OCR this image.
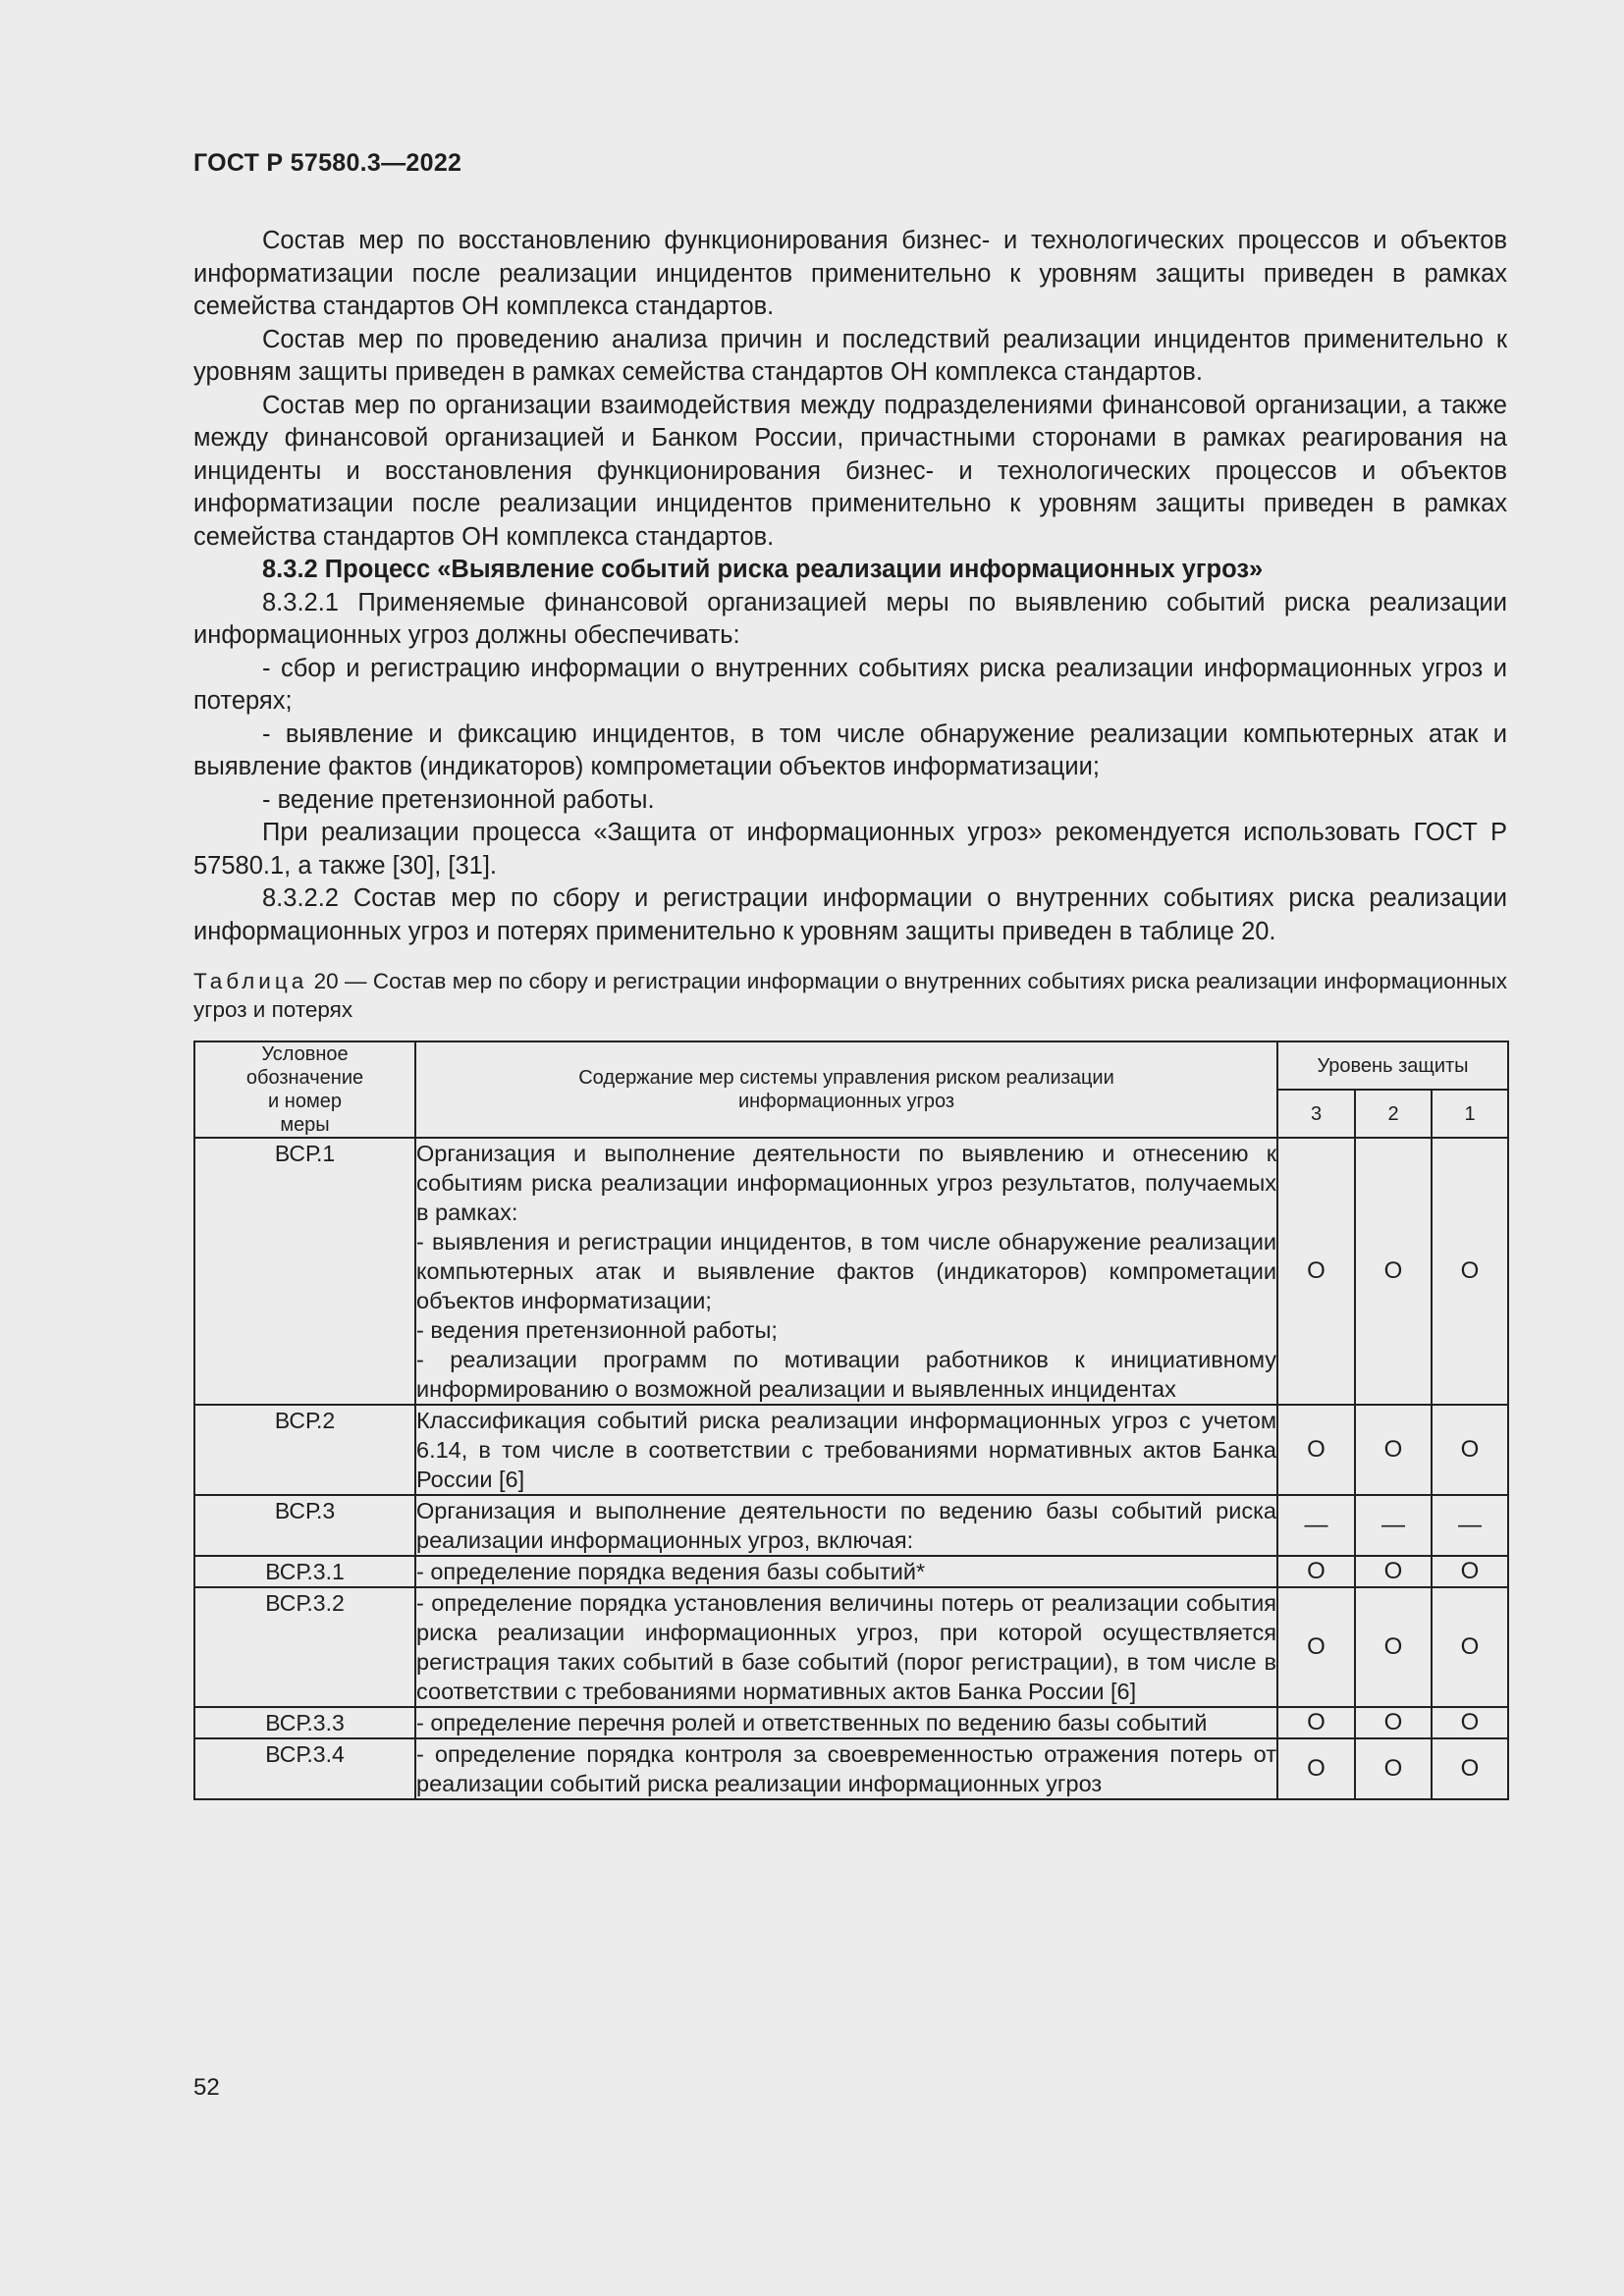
ГОСТ Р 57580.3—2022

Состав мер по восстановлению функционирования бизнес- и технологических процессов и объектов информатизации после реализации инцидентов применительно к уровням защиты приведен в рамках семейства стандартов ОН комплекса стандартов.

Состав мер по проведению анализа причин и последствий реализации инцидентов применительно к уровням защиты приведен в рамках семейства стандартов ОН комплекса стандартов.

Состав мер по организации взаимодействия между подразделениями финансовой организации, а также между финансовой организацией и Банком России, причастными сторонами в рамках реагирования на инциденты и восстановления функционирования бизнес- и технологических процессов и объектов информатизации после реализации инцидентов применительно к уровням защиты приведен в рамках семейства стандартов ОН комплекса стандартов.

8.3.2 Процесс «Выявление событий риска реализации информационных угроз»

8.3.2.1 Применяемые финансовой организацией меры по выявлению событий риска реализации информационных угроз должны обеспечивать:

- сбор и регистрацию информации о внутренних событиях риска реализации информационных угроз и потерях;

- выявление и фиксацию инцидентов, в том числе обнаружение реализации компьютерных атак и выявление фактов (индикаторов) компрометации объектов информатизации;

- ведение претензионной работы.

При реализации процесса «Защита от информационных угроз» рекомендуется использовать ГОСТ Р 57580.1, а также [30], [31].

8.3.2.2 Состав мер по сбору и регистрации информации о внутренних событиях риска реализации информационных угроз и потерях применительно к уровням защиты приведен в таблице 20.

Таблица 20 — Состав мер по сбору и регистрации информации о внутренних событиях риска реализации информационных угроз и потерях
Условное обозначение и номер меры	Содержание мер системы управления риском реализации информационных угроз	Уровень защиты		
		3	2	1
ВСР.1	Организация и выполнение деятельности по выявлению и отнесению к событиям риска реализации информационных угроз результатов, получаемых в рамках:
- выявления и регистрации инцидентов, в том числе обнаружение реализации компьютерных атак и выявление фактов (индикаторов) компрометации объектов информатизации;
- ведения претензионной работы;
- реализации программ по мотивации работников к инициативному информированию о возможной реализации и выявленных инцидентах	О	О	О
ВСР.2	Классификация событий риска реализации информационных угроз с учетом 6.14, в том числе в соответствии с требованиями нормативных актов Банка России [6]	О	О	О
ВСР.3	Организация и выполнение деятельности по ведению базы событий риска реализации информационных угроз, включая:	—	—	—
ВСР.3.1	- определение порядка ведения базы событий*	О	О	О
ВСР.3.2	- определение порядка установления величины потерь от реализации события риска реализации информационных угроз, при которой осуществляется регистрация таких событий в базе событий (порог регистрации), в том числе в соответствии с требованиями нормативных актов Банка России [6]	О	О	О
ВСР.3.3	- определение перечня ролей и ответственных по ведению базы событий	О	О	О
ВСР.3.4	- определение порядка контроля за своевременностью отражения потерь от реализации событий риска реализации информационных угроз	О	О	О
52
